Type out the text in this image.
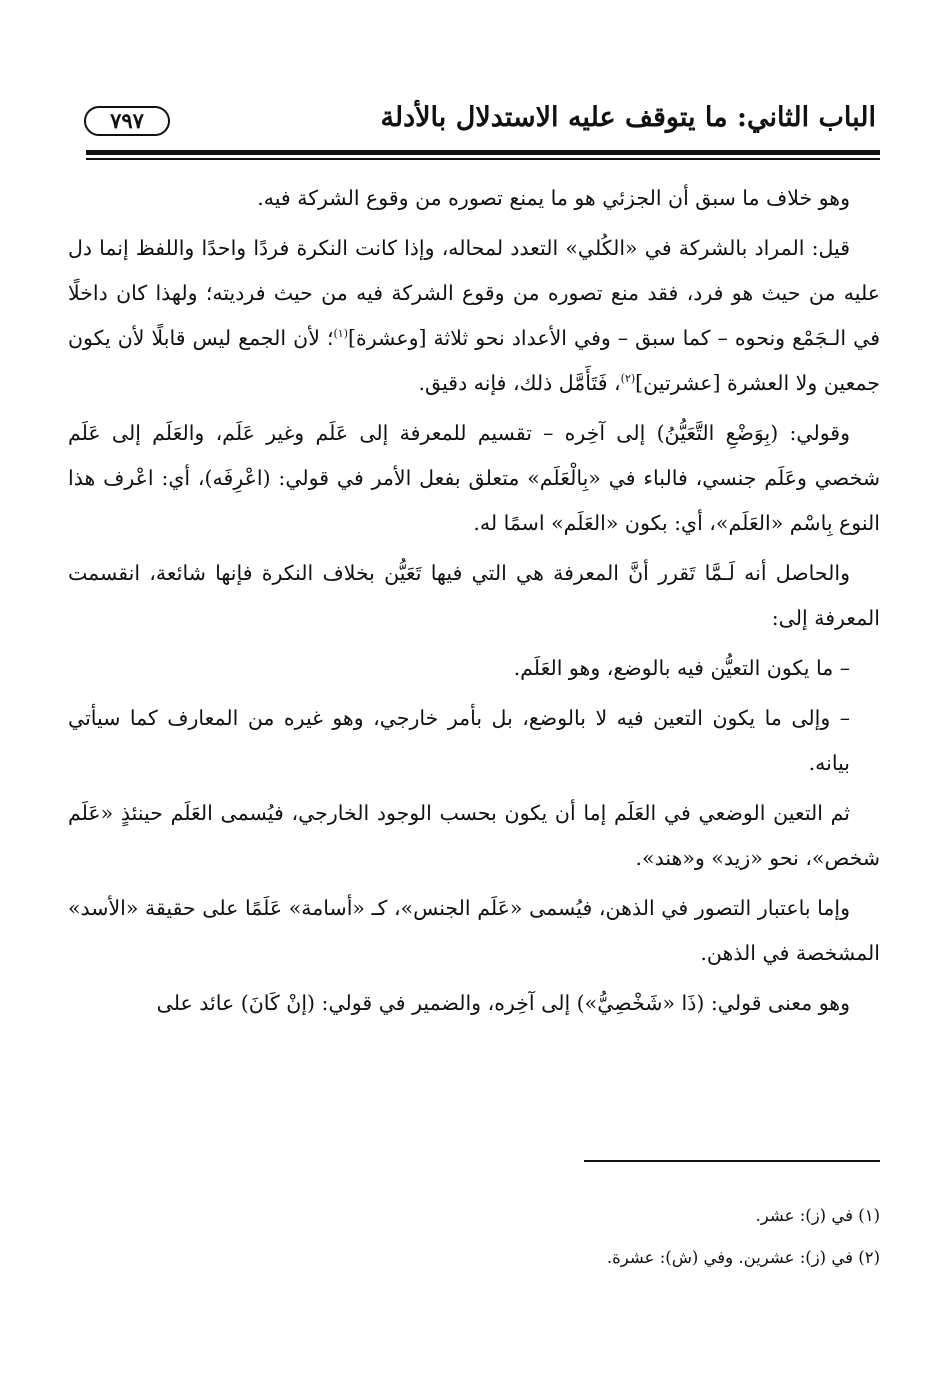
الباب الثاني: ما يتوقف عليه الاستدلال بالأدلة
٧٩٧

وهو خلاف ما سبق أن الجزئي هو ما يمنع تصوره من وقوع الشركة فيه.

قيل: المراد بالشركة في «الكُلي» التعدد لمحاله، وإذا كانت النكرة فردًا واحدًا واللفظ إنما دل عليه من حيث هو فرد، فقد منع تصوره من وقوع الشركة فيه من حيث فرديته؛ ولهذا كان داخلًا في الـجَمْع ونحوه – كما سبق – وفي الأعداد نحو ثلاثة [وعشرة]$^{(١)}$؛ لأن الجمع ليس قابلًا لأن يكون جمعين ولا العشرة [عشرتين]$^{(٢)}$، فَتَأَمَّل ذلك، فإنه دقيق.

وقولي: (بِوَضْعِ التَّعَيُّنُ) إلى آخِره – تقسيم للمعرفة إلى عَلَم وغير عَلَم، والعَلَم إلى عَلَم شخصي وعَلَم جنسي، فالباء في «بِالْعَلَم» متعلق بفعل الأمر في قولي: (اعْرِفَه)، أي: اعْرف هذا النوع بِاسْم «العَلَم»، أي: بكون «العَلَم» اسمًا له.

والحاصل أنه لَـمَّا تَقرر أنَّ المعرفة هي التي فيها تَعَيُّن بخلاف النكرة فإنها شائعة، انقسمت المعرفة إلى:

– ما يكون التعيُّن فيه بالوضع، وهو العَلَم.

– وإلى ما يكون التعين فيه لا بالوضع، بل بأمر خارجي، وهو غيره من المعارف كما سيأتي بيانه.

ثم التعين الوضعي في العَلَم إما أن يكون بحسب الوجود الخارجي، فيُسمى العَلَم حينئذٍ «عَلَم شخص»، نحو «زيد» و«هند».

وإما باعتبار التصور في الذهن، فيُسمى «عَلَم الجنس»، كـ «أسامة» عَلَمًا على حقيقة «الأسد» المشخصة في الذهن.

وهو معنى قولي: (ذَا «شَخْصِيُّ») إلى آخِره، والضمير في قولي: (إنْ كَانَ) عائد على

(١) في (ز): عشر.
(٢) في (ز): عشرين. وفي (ش): عشرة.
